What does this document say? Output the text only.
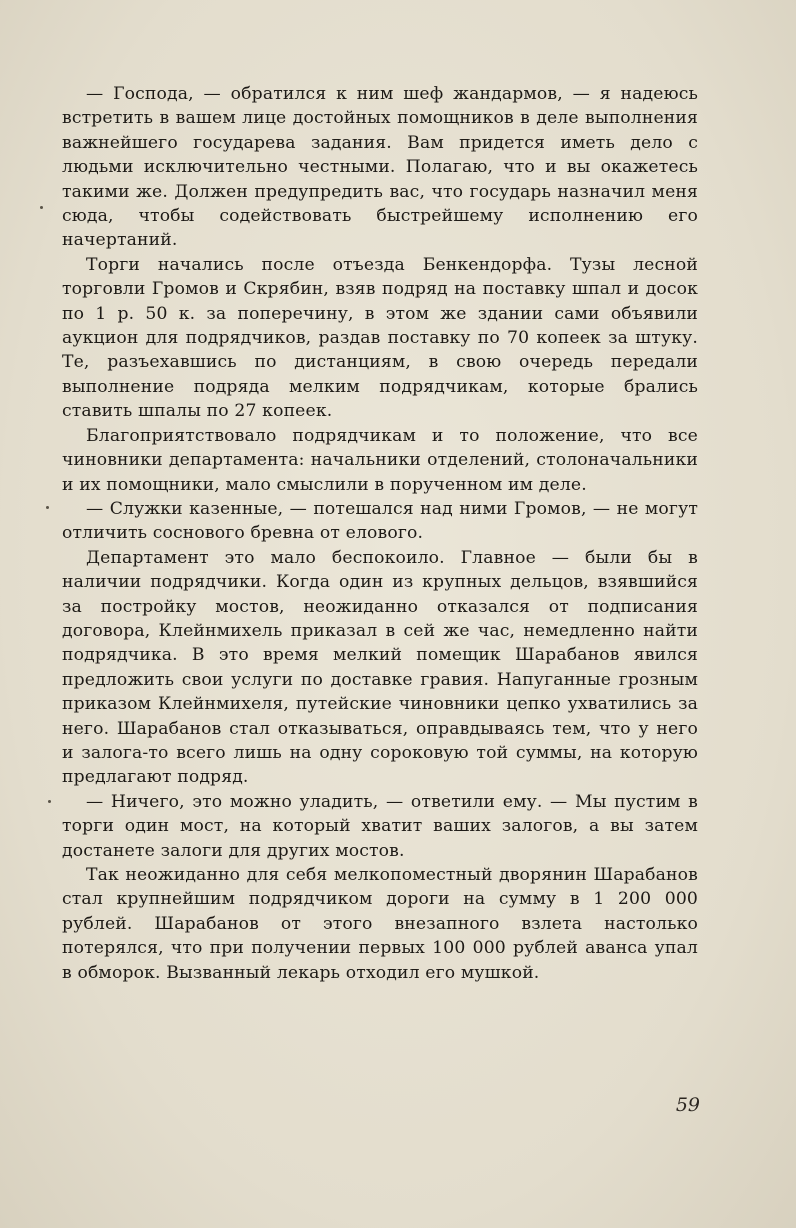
— Господа, — обратился к ним шеф жандармов, — я надеюсь встретить в вашем лице достойных помощников в деле выполнения важнейшего государева задания. Вам придется иметь дело с людьми исключительно честными. Полагаю, что и вы окажетесь такими же. Должен предупредить вас, что государь назначил меня сюда, чтобы содействовать быстрейшему исполнению его начертаний.

Торги начались после отъезда Бенкендорфа. Тузы лесной торговли Громов и Скрябин, взяв подряд на поставку шпал и досок по 1 р. 50 к. за поперечину, в этом же здании сами объявили аукцион для подрядчиков, раздав поставку по 70 копеек за штуку. Те, разъехавшись по дистанциям, в свою очередь передали выполнение подряда мелким подрядчикам, которые брались ставить шпалы по 27 копеек.

Благоприятствовало подрядчикам и то положение, что все чиновники департамента: начальники отделений, столоначальники и их помощники, мало смыслили в порученном им деле.

— Служки казенные, — потешался над ними Громов, — не могут отличить соснового бревна от елового.

Департамент это мало беспокоило. Главное — были бы в наличии подрядчики. Когда один из крупных дельцов, взявшийся за постройку мостов, неожиданно отказался от подписания договора, Клейнмихель приказал в сей же час, немедленно найти подрядчика. В это время мелкий помещик Шарабанов явился предложить свои услуги по доставке гравия. Напуганные грозным приказом Клейнмихеля, путейские чиновники цепко ухватились за него. Шарабанов стал отказываться, оправдываясь тем, что у него и залога-то всего лишь на одну сороковую той суммы, на которую предлагают подряд.

— Ничего, это можно уладить, — ответили ему. — Мы пустим в торги один мост, на который хватит ваших залогов, а вы затем достанете залоги для других мостов.

Так неожиданно для себя мелкопоместный дворянин Шарабанов стал крупнейшим подрядчиком дороги на сумму в 1 200 000 рублей. Шарабанов от этого внезапного взлета настолько потерялся, что при получении первых 100 000 рублей аванса упал в обморок. Вызванный лекарь отходил его мушкой.

59
